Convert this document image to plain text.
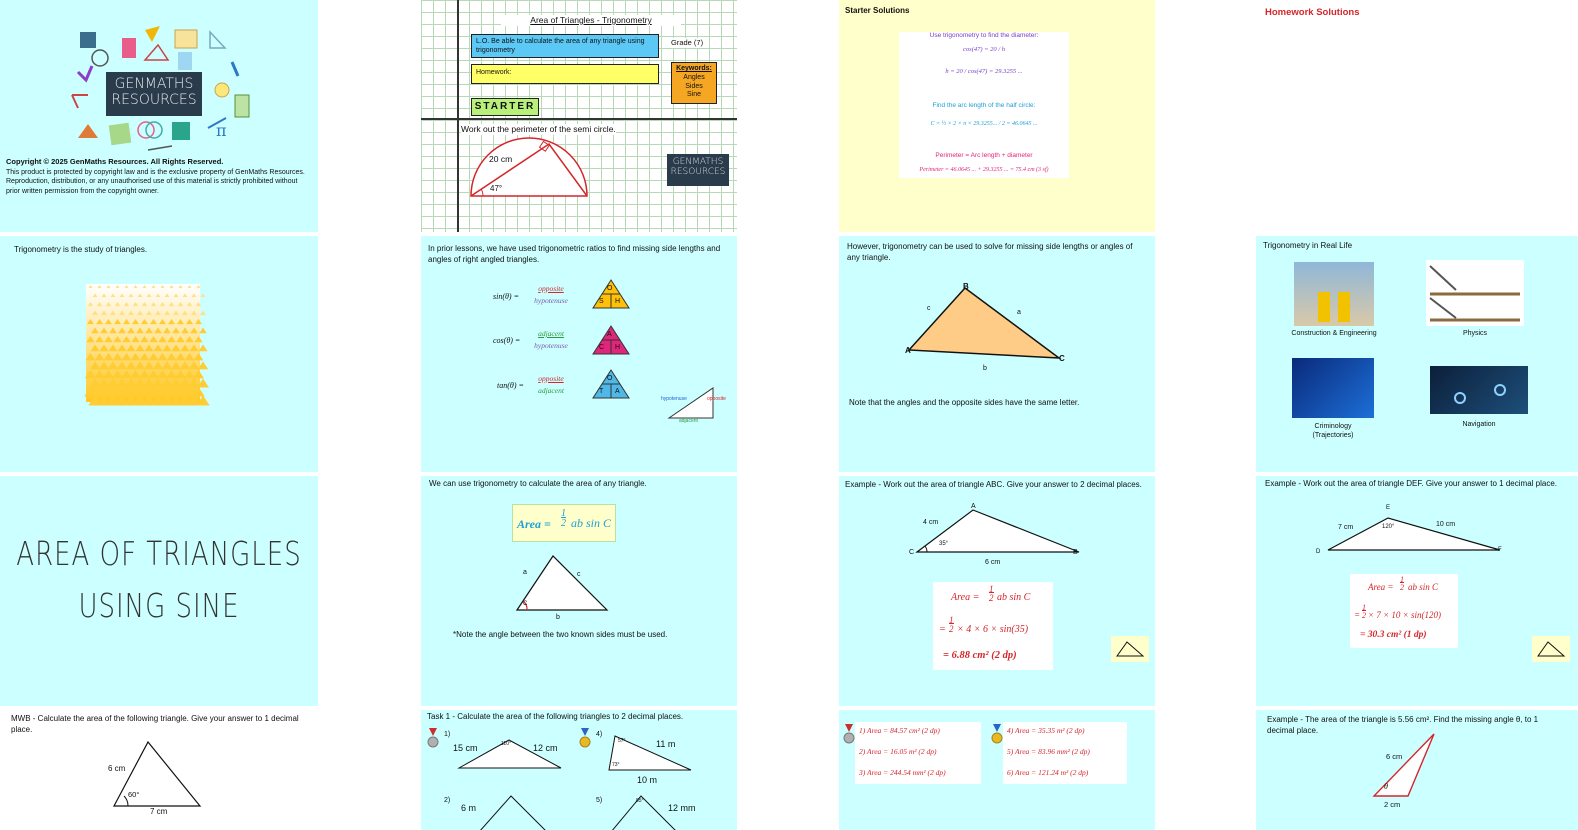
π
GENMATHS
RESOURCES
Copyright © 2025 GenMaths Resources. All Rights Reserved.
This product is protected by copyright law and is the exclusive property of GenMaths Resources. Reproduction, distribution, or any unauthorised use of this material is strictly prohibited without prior written permission from the copyright owner.
Area of Triangles - Trigonometry
L.O. Be able to calculate the area of any triangle using trigonometry
Grade (7)
Homework:
Keywords:
Angles
Sides
Sine
STARTER
Work out the perimeter of the semi circle.
20 cm
47°
GENMATHS
RESOURCES
Starter Solutions
Use trigonometry to find the diameter:
cos(47) = 20 / h
h = 20 / cos(47) = 29.3255 ...
Find the arc length of the half circle:
C = ½ × 2 × π × 29.3255... / 2 = 46.0645 ...
Perimeter = Arc length + diameter
Perimeter = 46.0645 ... + 29.3255 ... = 75.4 cm (3 sf)
Homework Solutions
Trigonometry is the study of triangles.	In prior lessons, we have used trigonometric ratios to find missing side lengths and angles of right angled triangles.
sin(θ) =
opposite
hypotenuse
cos(θ) =
adjacent
hypotenuse
tan(θ) =
opposite
adjacent
O
S H
A
C H
O
T A
hypotenuse	opposite
adjacent
However, trigonometry can be used to solve for missing side lengths or angles of any triangle.
A
B
C
a
b
c
Note that the angles and the opposite sides have the same letter.
Trigonometry in Real Life
Construction & Engineering	Physics
Criminology (Trajectories)
Navigation
AREA OF TRIANGLES
USING SINE
We can use trigonometry to calculate the area of any triangle.
Area =
1
2 ab sin C
a
b
c
C
*Note the angle between the two known sides must be used.
Example - Work out the area of triangle ABC. Give your answer to 2 decimal places.
A
B
C
4 cm
35°
6 cm
Area =
1
2 ab sin C
=
1
2 × 4 × 6 × sin(35)
= 6.88 cm² (2 dp)
Example - Work out the area of triangle DEF. Give your answer to 1 decimal place.
E
D	F
7 cm	120°	10 cm
Area =
1
2 ab sin C
=
1
2 × 7 × 10 × sin(120)
= 30.3 cm² (1 dp)
MWB - Calculate the area of the following triangle. Give your answer to 1 decimal place.
6 cm
60°
7 cm
Task 1 - Calculate the area of the following triangles to 2 decimal places.
1)
15 cm	110° 12 cm
4)
57°
73°
11 m
10 m
2)
6 m
5)	85°
12 mm
1) Area = 84.57 cm² (2 dp)
2) Area = 16.05 m² (2 dp)
3) Area = 244.54 mm² (2 dp)
4) Area = 35.35 m² (2 dp)
5) Area = 83.96 mm² (2 dp)
6) Area = 121.24 m² (2 dp)
Example - The area of the triangle is 5.56 cm². Find the missing angle θ, to 1 decimal place.
6 cm
θ
2 cm
